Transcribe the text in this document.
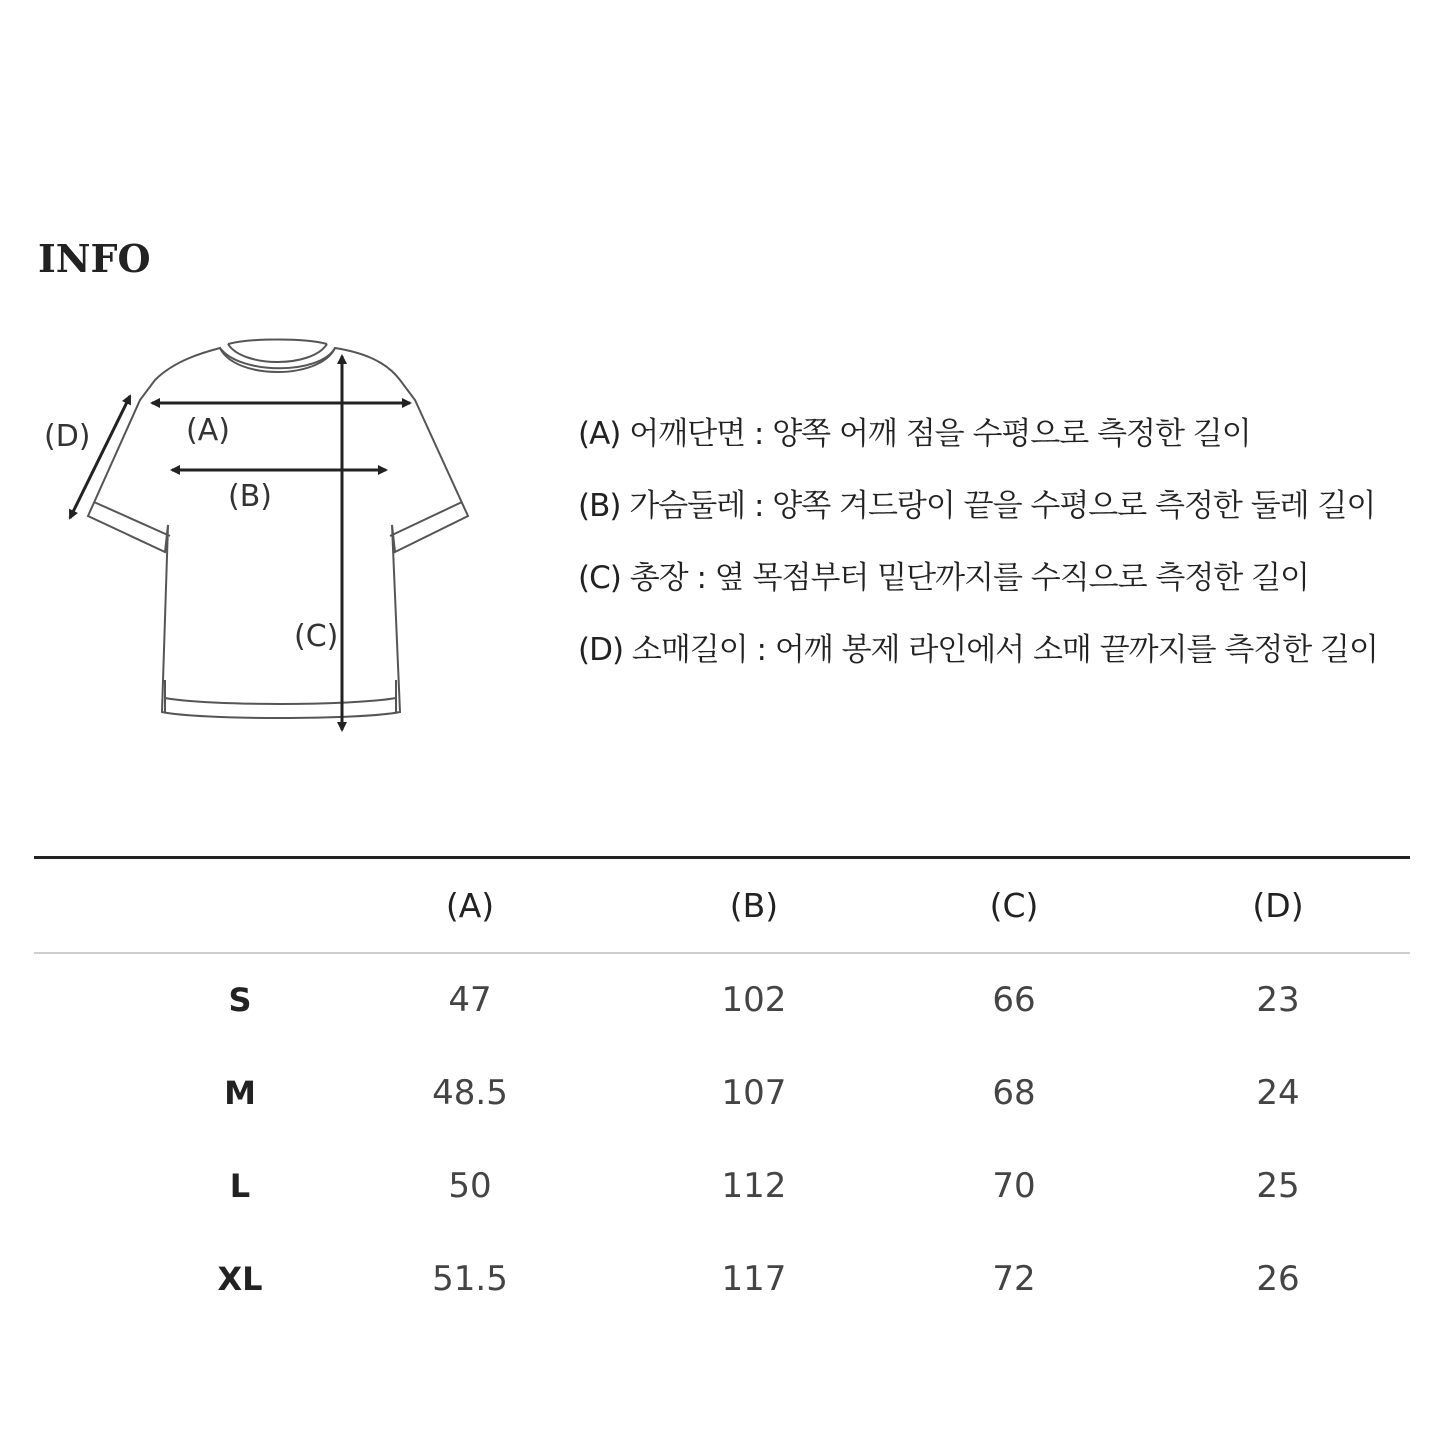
INFO
(A)
(B)
(C)
(D)	(A) 어깨단면 : 양쪽 어깨 점을 수평으로 측정한 길이
(B) 가슴둘레 : 양쪽 겨드랑이 끝을 수평으로 측정한 둘레 길이
(C) 총장 : 옆 목점부터 밑단까지를 수직으로 측정한 길이
(D) 소매길이 : 어깨 봉제 라인에서 소매 끝까지를 측정한 길이
(A)	(B)	(C)	(D)
S	47	102	66	23
M	48.5	107	68	24
L	50	112	70	25
XL	51.5	117	72	26
